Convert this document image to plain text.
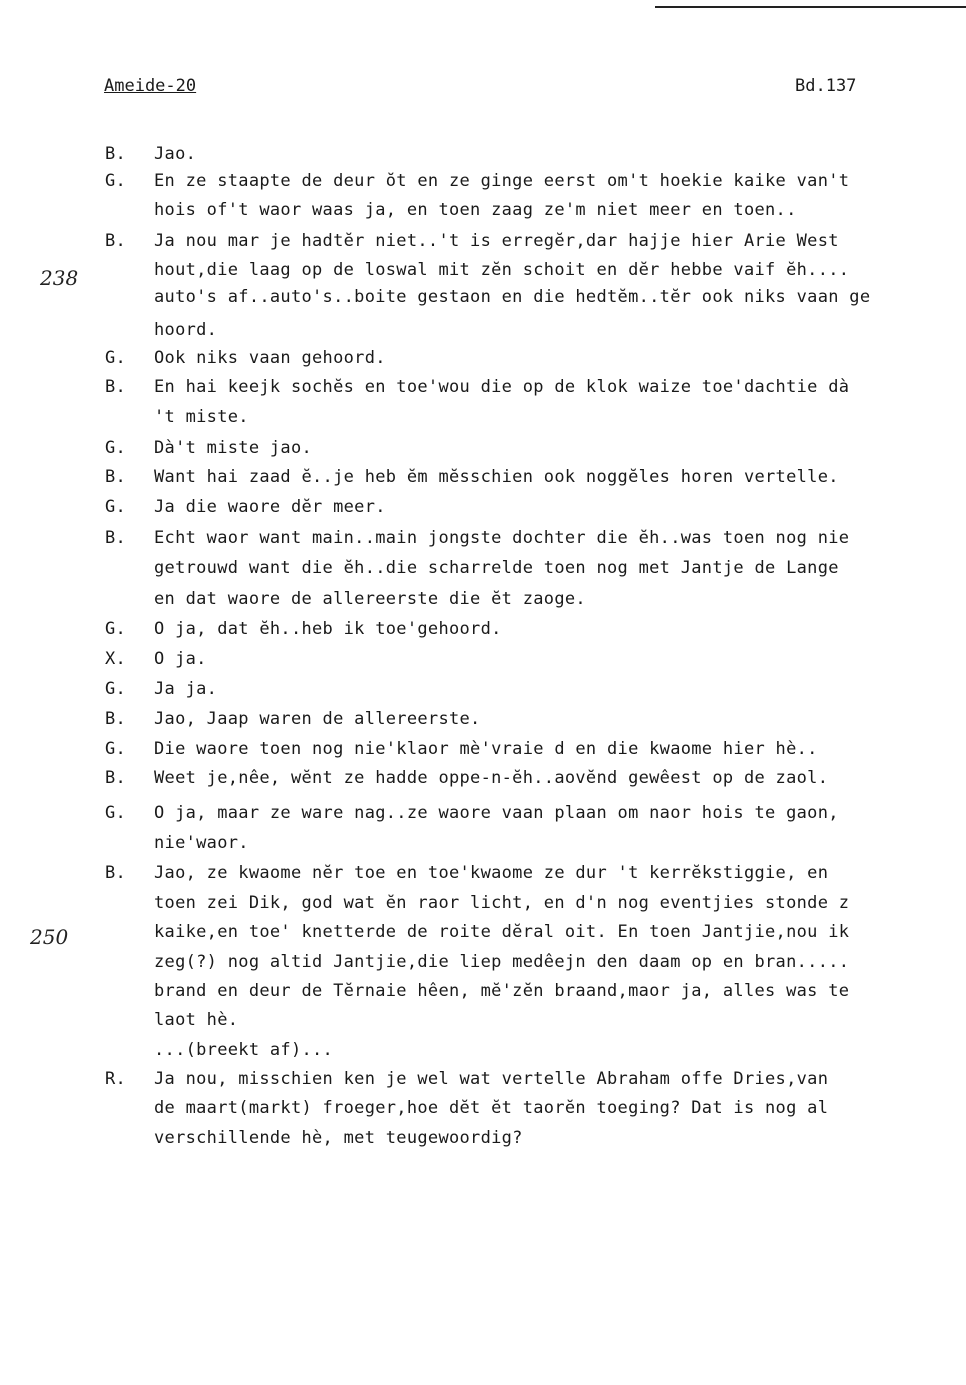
Ameide-20	Bd.137
238
250
B. Jao.
G. En ze staapte de deur ŏt en ze ginge eerst om't hoekie kaike van't
hois of't waor waas ja, en toen zaag ze'm niet meer en toen..
B. Ja nou mar je hadtĕr niet..'t is erregĕr,dar hajje hier Arie West
hout,die laag op de loswal mit zĕn schoit en dĕr hebbe vaif ĕh....
auto's af..auto's..boite gestaon en die hedtĕm..tĕr ook niks vaan ge
hoord.
G. Ook niks vaan gehoord.
B. En hai keejk sochĕs en toe'wou die op de klok waize toe'dachtie dà
't miste.
G. Dà't miste jao.
B. Want hai zaad ĕ..je heb ĕm mĕsschien ook noggĕles horen vertelle.
G. Ja die waore dĕr meer.
B. Echt waor want main..main jongste dochter die ĕh..was toen nog nie
getrouwd want die ĕh..die scharrelde toen nog met Jantje de Lange
en dat waore de allereerste die ĕt zaoge.
G. O ja, dat ĕh..heb ik toe'gehoord.
X. O ja.
G. Ja ja.
B. Jao, Jaap waren de allereerste.
G. Die waore toen nog nie'klaor mè'vraie d en die kwaome hier hè..
B. Weet je,nêe, wĕnt ze hadde oppe-n-ĕh..aovĕnd gewêest op de zaol.
G. O ja, maar ze ware nag..ze waore vaan plaan om naor hois te gaon,
nie'waor.
B. Jao, ze kwaome nĕr toe en toe'kwaome ze dur 't kerrĕkstiggie, en
toen zei Dik, god wat ĕn raor licht, en d'n nog eventjies stonde z
kaike,en toe' knetterde de roite dĕral oit. En toen Jantjie,nou ik
zeg(?) nog altid Jantjie,die liep medêejn den daam op en bran.....
brand en deur de Tĕrnaie hêen, mĕ'zĕn braand,maor ja, alles was te
laot hè.
...(breekt af)...
R. Ja nou, misschien ken je wel wat vertelle Abraham offe Dries,van
de maart(markt) froeger,hoe dĕt ĕt taorĕn toeging? Dat is nog al
verschillende hè, met teugewoordig?
